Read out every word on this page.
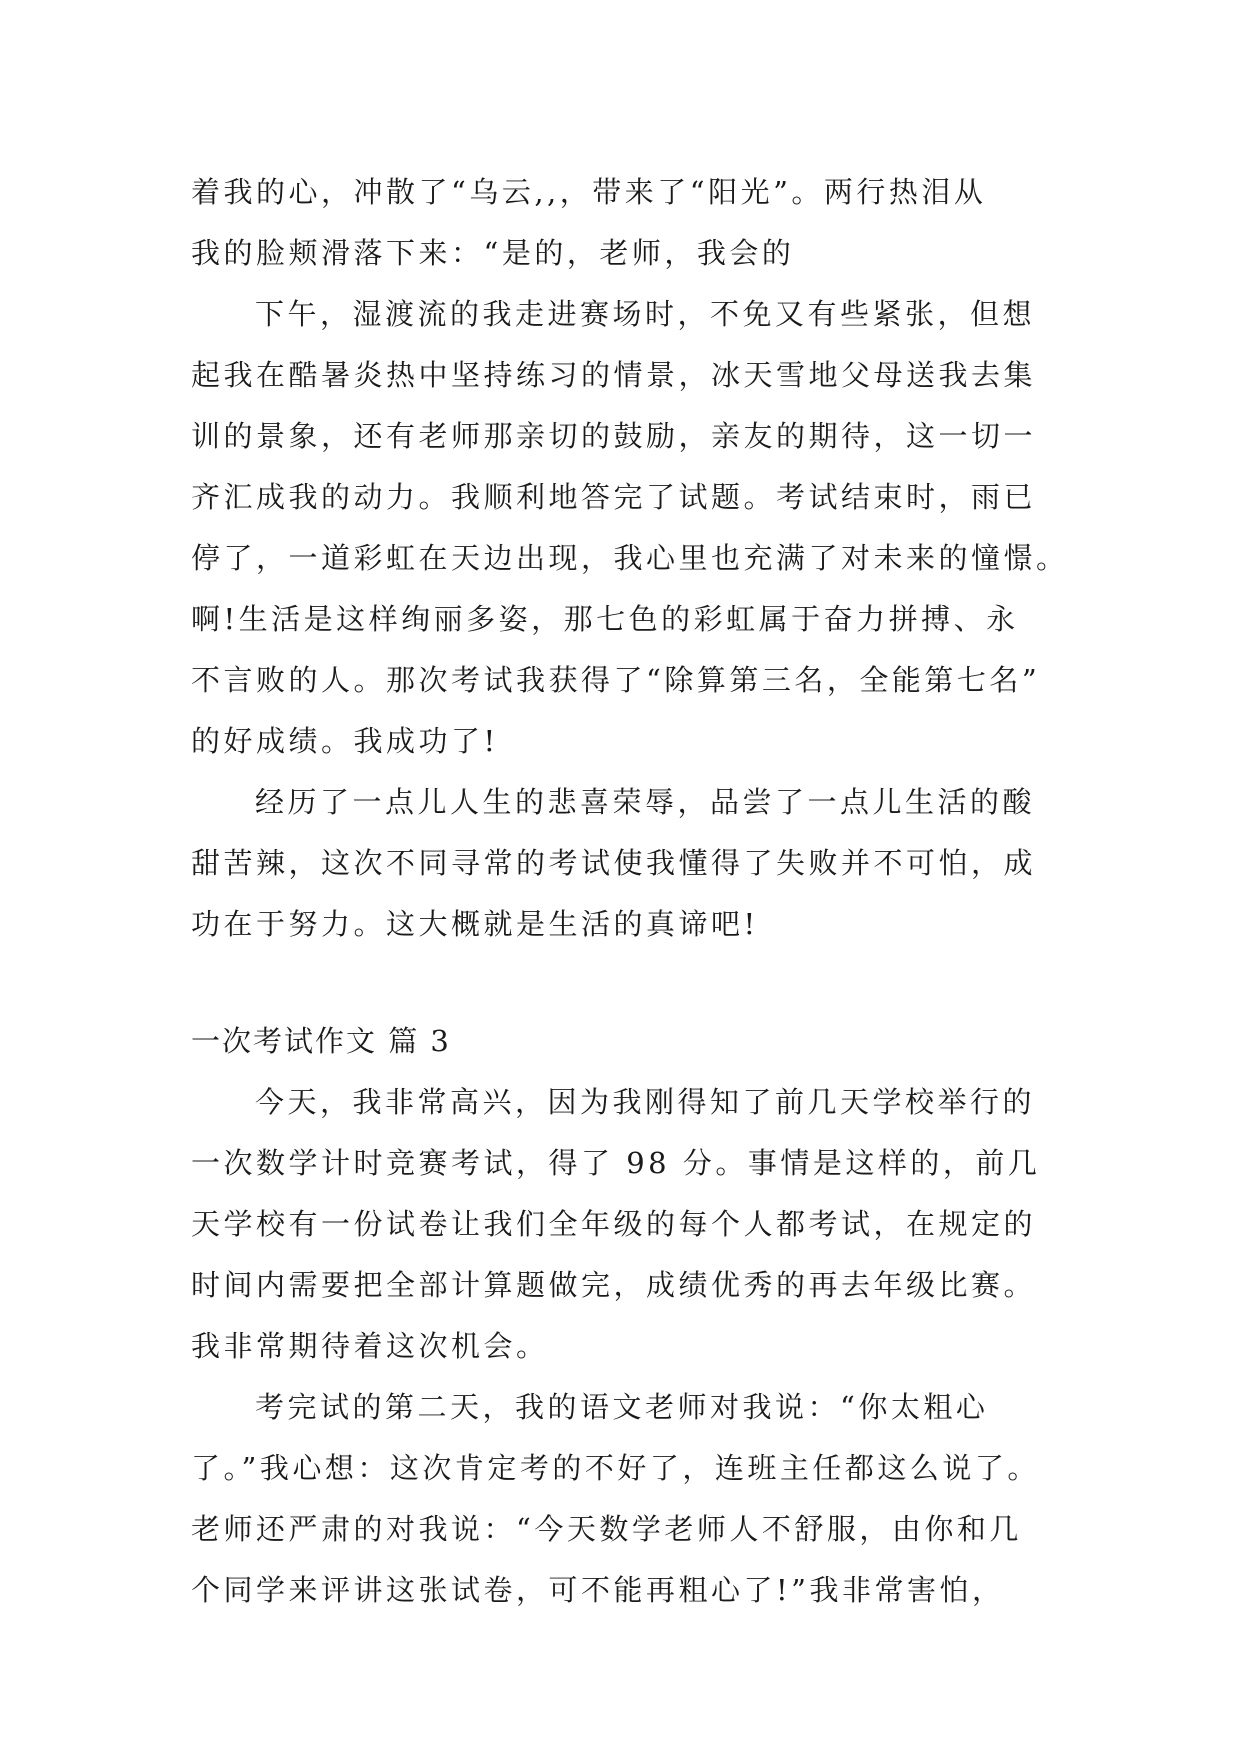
着我的心，冲散了“乌云,,，带来了“阳光”。两行热泪从
我的脸颊滑落下来：“是的，老师，我会的
下午，湿渡流的我走进赛场时，不免又有些紧张，但想
起我在酷暑炎热中坚持练习的情景，冰天雪地父母送我去集
训的景象，还有老师那亲切的鼓励，亲友的期待，这一切一
齐汇成我的动力。我顺利地答完了试题。考试结束时，雨已
停了，一道彩虹在天边出现，我心里也充满了对未来的憧憬。
啊!生活是这样绚丽多姿，那七色的彩虹属于奋力拼搏、永
不言败的人。那次考试我获得了“除算第三名，全能第七名”
的好成绩。我成功了!
经历了一点儿人生的悲喜荣辱，品尝了一点儿生活的酸
甜苦辣，这次不同寻常的考试使我懂得了失败并不可怕，成
功在于努力。这大概就是生活的真谛吧!
一次考试作文 篇 3
今天，我非常高兴，因为我刚得知了前几天学校举行的
一次数学计时竞赛考试，得了 98 分。事情是这样的，前几
天学校有一份试卷让我们全年级的每个人都考试，在规定的
时间内需要把全部计算题做完，成绩优秀的再去年级比赛。
我非常期待着这次机会。
考完试的第二天，我的语文老师对我说：“你太粗心
了。”我心想：这次肯定考的不好了，连班主任都这么说了。
老师还严肃的对我说：“今天数学老师人不舒服，由你和几
个同学来评讲这张试卷，可不能再粗心了!”我非常害怕，
